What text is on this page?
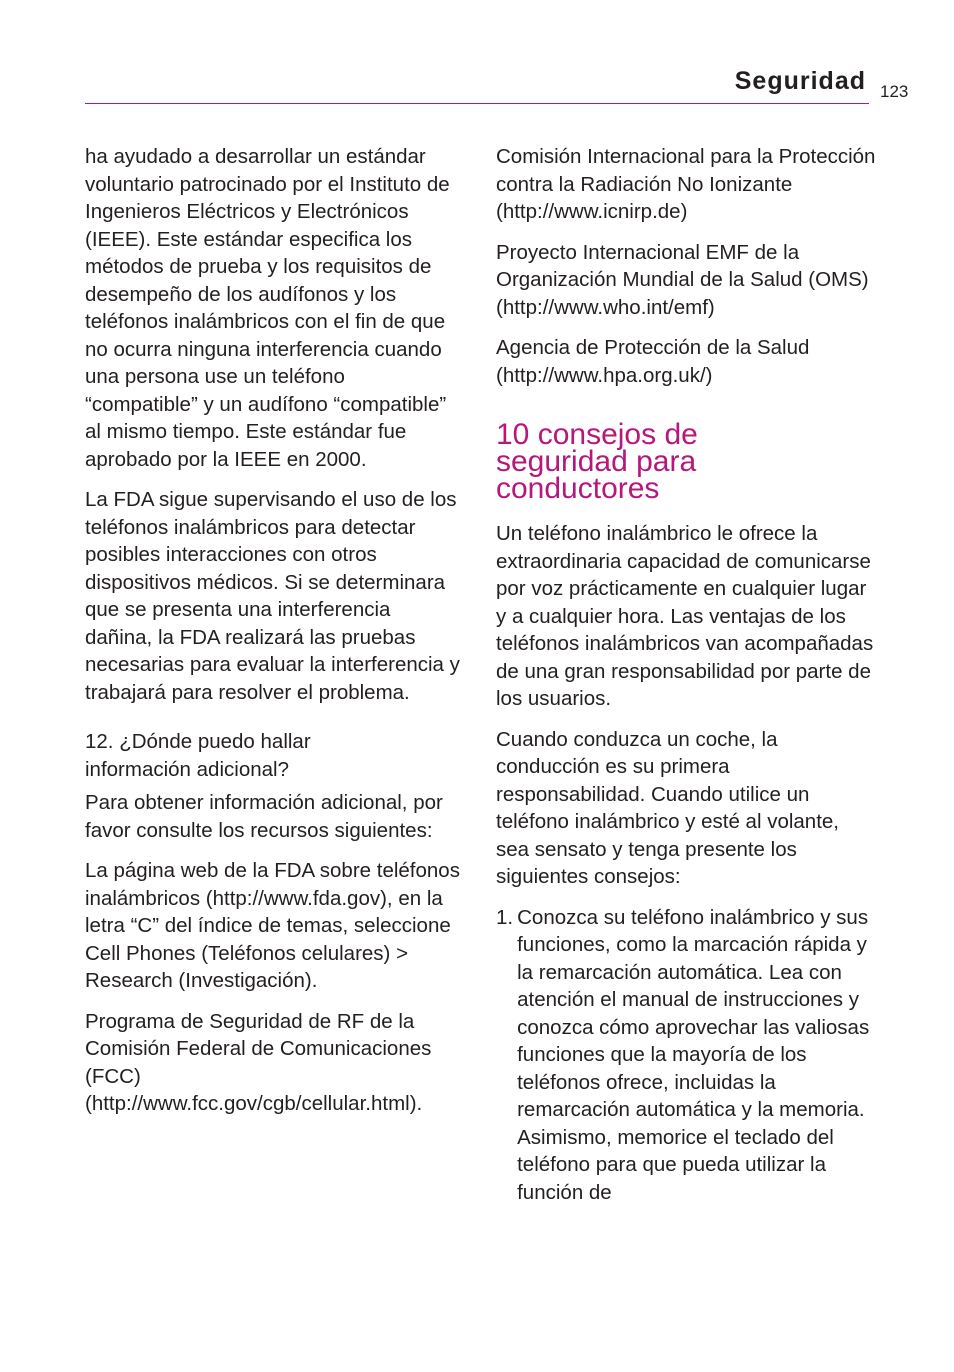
Seguridad 123

ha ayudado a desarrollar un estándar voluntario patrocinado por el Instituto de Ingenieros Eléctricos y Electrónicos (IEEE). Este estándar especifica los métodos de prueba y los requisitos de desempeño de los audífonos y los teléfonos inalámbricos con el fin de que no ocurra ninguna interferencia cuando una persona use un teléfono “compatible” y un audífono “compatible” al mismo tiempo. Este estándar fue aprobado por la IEEE en 2000.

La FDA sigue supervisando el uso de los teléfonos inalámbricos para detectar posibles interacciones con otros dispositivos médicos. Si se determinara que se presenta una interferencia dañina, la FDA realizará las pruebas necesarias para evaluar la interferencia y trabajará para resolver el problema.

12. ¿Dónde puedo hallar
información adicional?

Para obtener información adicional, por favor consulte los recursos siguientes:

La página web de la FDA sobre teléfonos inalámbricos (http://www.fda.gov), en la letra “C” del índice de temas, seleccione Cell Phones (Teléfonos celulares) > Research (Investigación).

Programa de Seguridad de RF de la Comisión Federal de Comunicaciones (FCC) (http://www.fcc.gov/cgb/cellular.html).

Comisión Internacional para la Protección contra la Radiación No Ionizante (http://www.icnirp.de)

Proyecto Internacional EMF de la Organización Mundial de la Salud (OMS) (http://www.who.int/emf)

Agencia de Protección de la Salud (http://www.hpa.org.uk/)

10 consejos de
seguridad para
conductores

Un teléfono inalámbrico le ofrece la extraordinaria capacidad de comunicarse por voz prácticamente en cualquier lugar y a cualquier hora. Las ventajas de los teléfonos inalámbricos van acompañadas de una gran responsabilidad por parte de los usuarios.

Cuando conduzca un coche, la conducción es su primera responsabilidad. Cuando utilice un teléfono inalámbrico y esté al volante, sea sensato y tenga presente los siguientes consejos:

1. Conozca su teléfono inalámbrico y sus funciones, como la marcación rápida y la remarcación automática. Lea con atención el manual de instrucciones y conozca cómo aprovechar las valiosas funciones que la mayoría de los teléfonos ofrece, incluidas la remarcación automática y la memoria. Asimismo, memorice el teclado del teléfono para que pueda utilizar la función de
